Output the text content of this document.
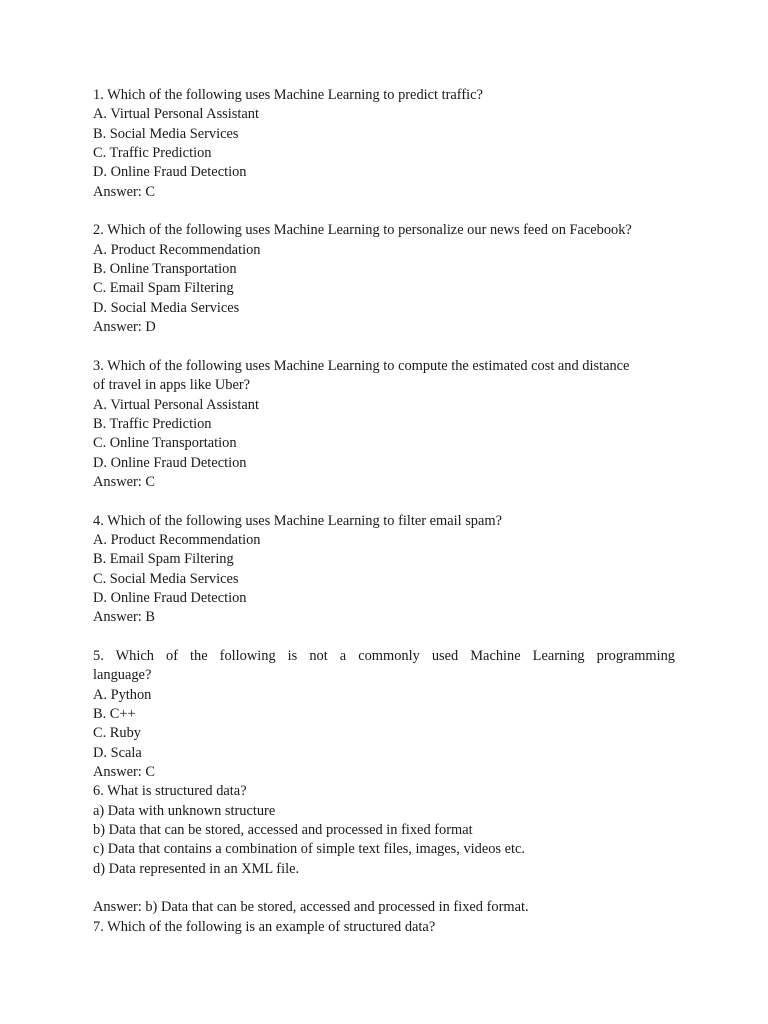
1. Which of the following uses Machine Learning to predict traffic?
A. Virtual Personal Assistant
B. Social Media Services
C. Traffic Prediction
D. Online Fraud Detection
Answer: C
2. Which of the following uses Machine Learning to personalize our news feed on Facebook?
A. Product Recommendation
B. Online Transportation
C. Email Spam Filtering
D. Social Media Services
Answer: D
3. Which of the following uses Machine Learning to compute the estimated cost and distance
of travel in apps like Uber?
A. Virtual Personal Assistant
B. Traffic Prediction
C. Online Transportation
D. Online Fraud Detection
Answer: C
4. Which of the following uses Machine Learning to filter email spam?
A. Product Recommendation
B. Email Spam Filtering
C. Social Media Services
D. Online Fraud Detection
Answer: B
5. Which of the following is not a commonly used Machine Learning programming
language?
A. Python
B. C++
C. Ruby
D. Scala
Answer: C
6. What is structured data?
a) Data with unknown structure
b) Data that can be stored, accessed and processed in fixed format
c) Data that contains a combination of simple text files, images, videos etc.
d) Data represented in an XML file.
Answer: b) Data that can be stored, accessed and processed in fixed format.
7. Which of the following is an example of structured data?
